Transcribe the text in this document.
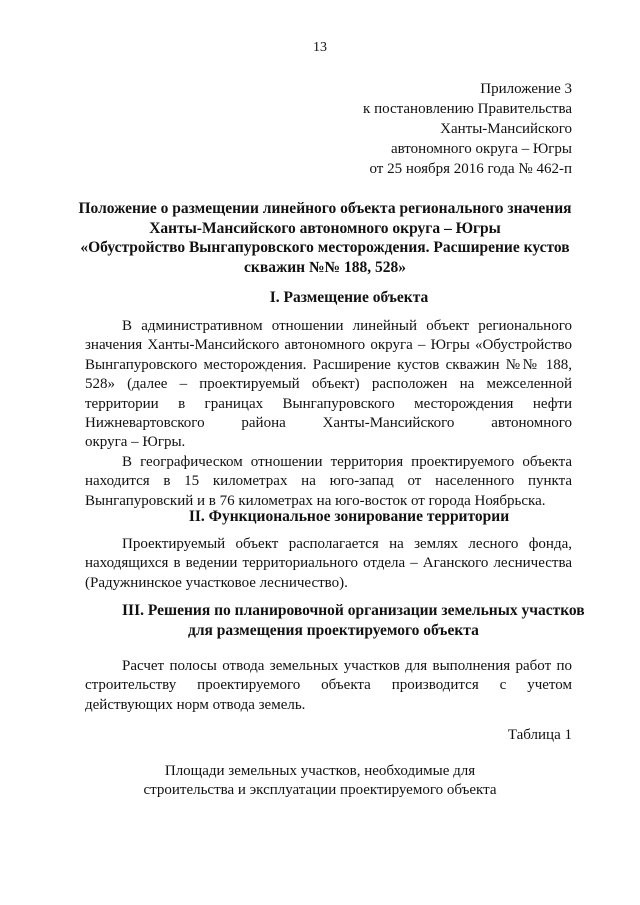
13
Приложение 3
к постановлению Правительства
Ханты-Мансийского
автономного округа – Югры
от 25 ноября 2016 года № 462-п
Положение о размещении линейного объекта регионального значения
Ханты-Мансийского автономного округа – Югры
«Обустройство Вынгапуровского месторождения. Расширение кустов
скважин №№ 188, 528»
I. Размещение объекта
В административном отношении линейный объект регионального
значения Ханты-Мансийского автономного округа – Югры «Обустройство
Вынгапуровского месторождения. Расширение кустов скважин №№ 188,
528» (далее – проектируемый объект) расположен на межселенной
территории в границах Вынгапуровского месторождения нефти
Нижневартовского района Ханты-Мансийского автономного
округа – Югры.
В географическом отношении территория проектируемого объекта
находится в 15 километрах на юго-запад от населенного пункта
Вынгапуровский и в 76 километрах на юго-восток от города Ноябрьска.
II. Функциональное зонирование территории
Проектируемый объект располагается на землях лесного фонда,
находящихся в ведении территориального отдела – Аганского лесничества
(Радужнинское участковое лесничество).
III. Решения по планировочной организации земельных участков
для размещения проектируемого объекта
Расчет полосы отвода земельных участков для выполнения работ по
строительству проектируемого объекта производится с учетом
действующих норм отвода земель.
Таблица 1
Площади земельных участков, необходимые для
строительства и эксплуатации проектируемого объекта
